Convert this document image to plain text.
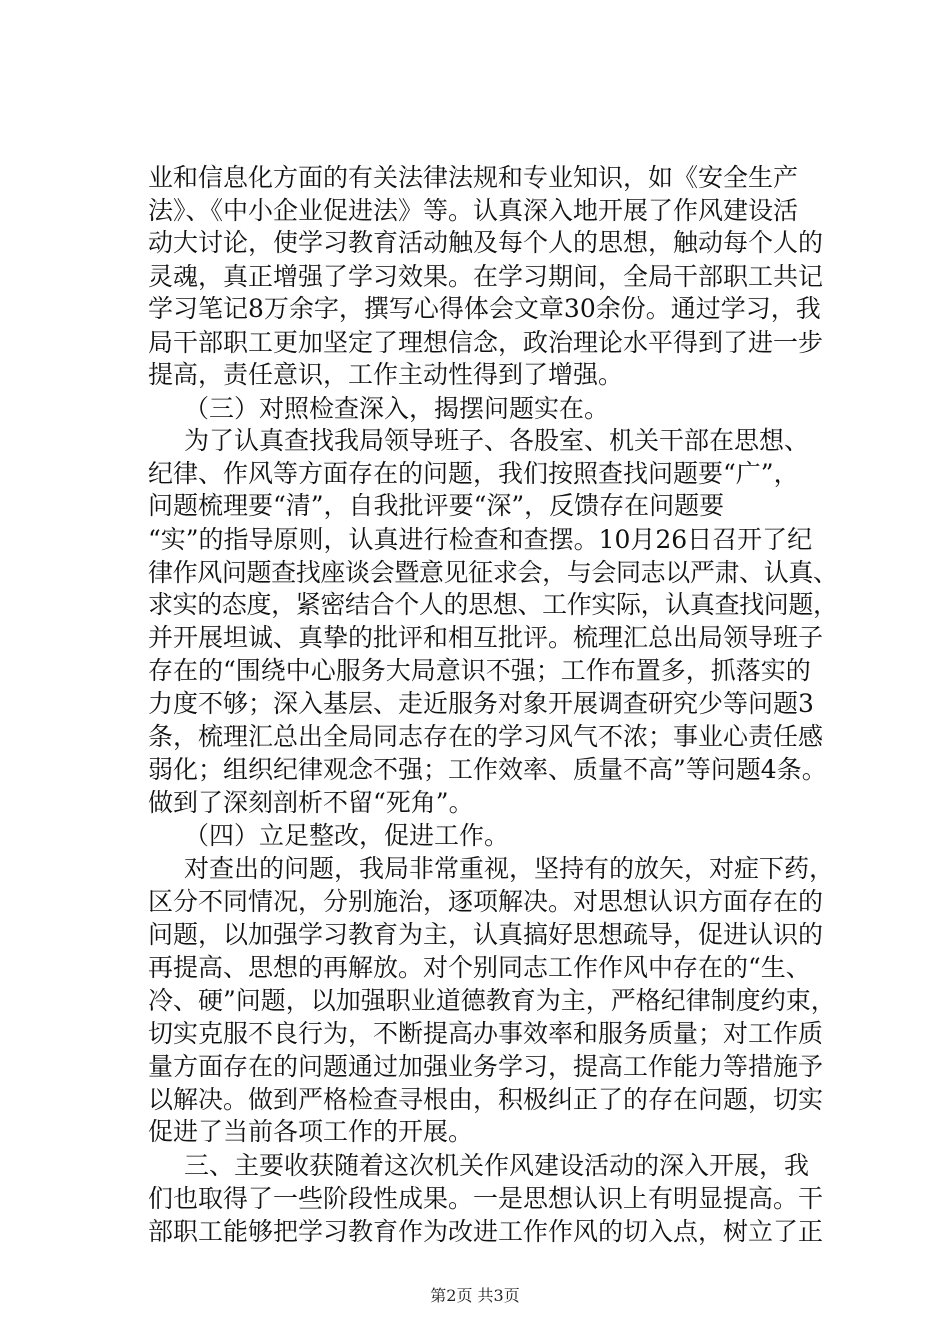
业和信息化方面的有关法律法规和专业知识，如《安全生产
法》、《中小企业促进法》等。认真深入地开展了作风建设活
动大讨论，使学习教育活动触及每个人的思想，触动每个人的
灵魂，真正增强了学习效果。在学习期间，全局干部职工共记
学习笔记8万余字，撰写心得体会文章30余份。通过学习，我
局干部职工更加坚定了理想信念，政治理论水平得到了进一步
提高，责任意识，工作主动性得到了增强。
（三）对照检查深入，揭摆问题实在。
为了认真查找我局领导班子、各股室、机关干部在思想、
纪律、作风等方面存在的问题，我们按照查找问题要“广”，
问题梳理要“清”，自我批评要“深”，反馈存在问题要
“实”的指导原则，认真进行检查和查摆。10月26日召开了纪
律作风问题查找座谈会暨意见征求会，与会同志以严肃、认真、
求实的态度，紧密结合个人的思想、工作实际，认真查找问题，
并开展坦诚、真挚的批评和相互批评。梳理汇总出局领导班子
存在的“围绕中心服务大局意识不强；工作布置多，抓落实的
力度不够；深入基层、走近服务对象开展调查研究少等问题3
条，梳理汇总出全局同志存在的学习风气不浓；事业心责任感
弱化；组织纪律观念不强；工作效率、质量不高”等问题4条。
做到了深刻剖析不留“死角”。
（四）立足整改，促进工作。
对查出的问题，我局非常重视，坚持有的放矢，对症下药，
区分不同情况，分别施治，逐项解决。对思想认识方面存在的
问题，以加强学习教育为主，认真搞好思想疏导，促进认识的
再提高、思想的再解放。对个别同志工作作风中存在的“生、
冷、硬”问题，以加强职业道德教育为主，严格纪律制度约束，
切实克服不良行为，不断提高办事效率和服务质量；对工作质
量方面存在的问题通过加强业务学习，提高工作能力等措施予
以解决。做到严格检查寻根由，积极纠正了的存在问题，切实
促进了当前各项工作的开展。
三、主要收获随着这次机关作风建设活动的深入开展，我
们也取得了一些阶段性成果。一是思想认识上有明显提高。干
部职工能够把学习教育作为改进工作作风的切入点，树立了正
第2页 共3页
